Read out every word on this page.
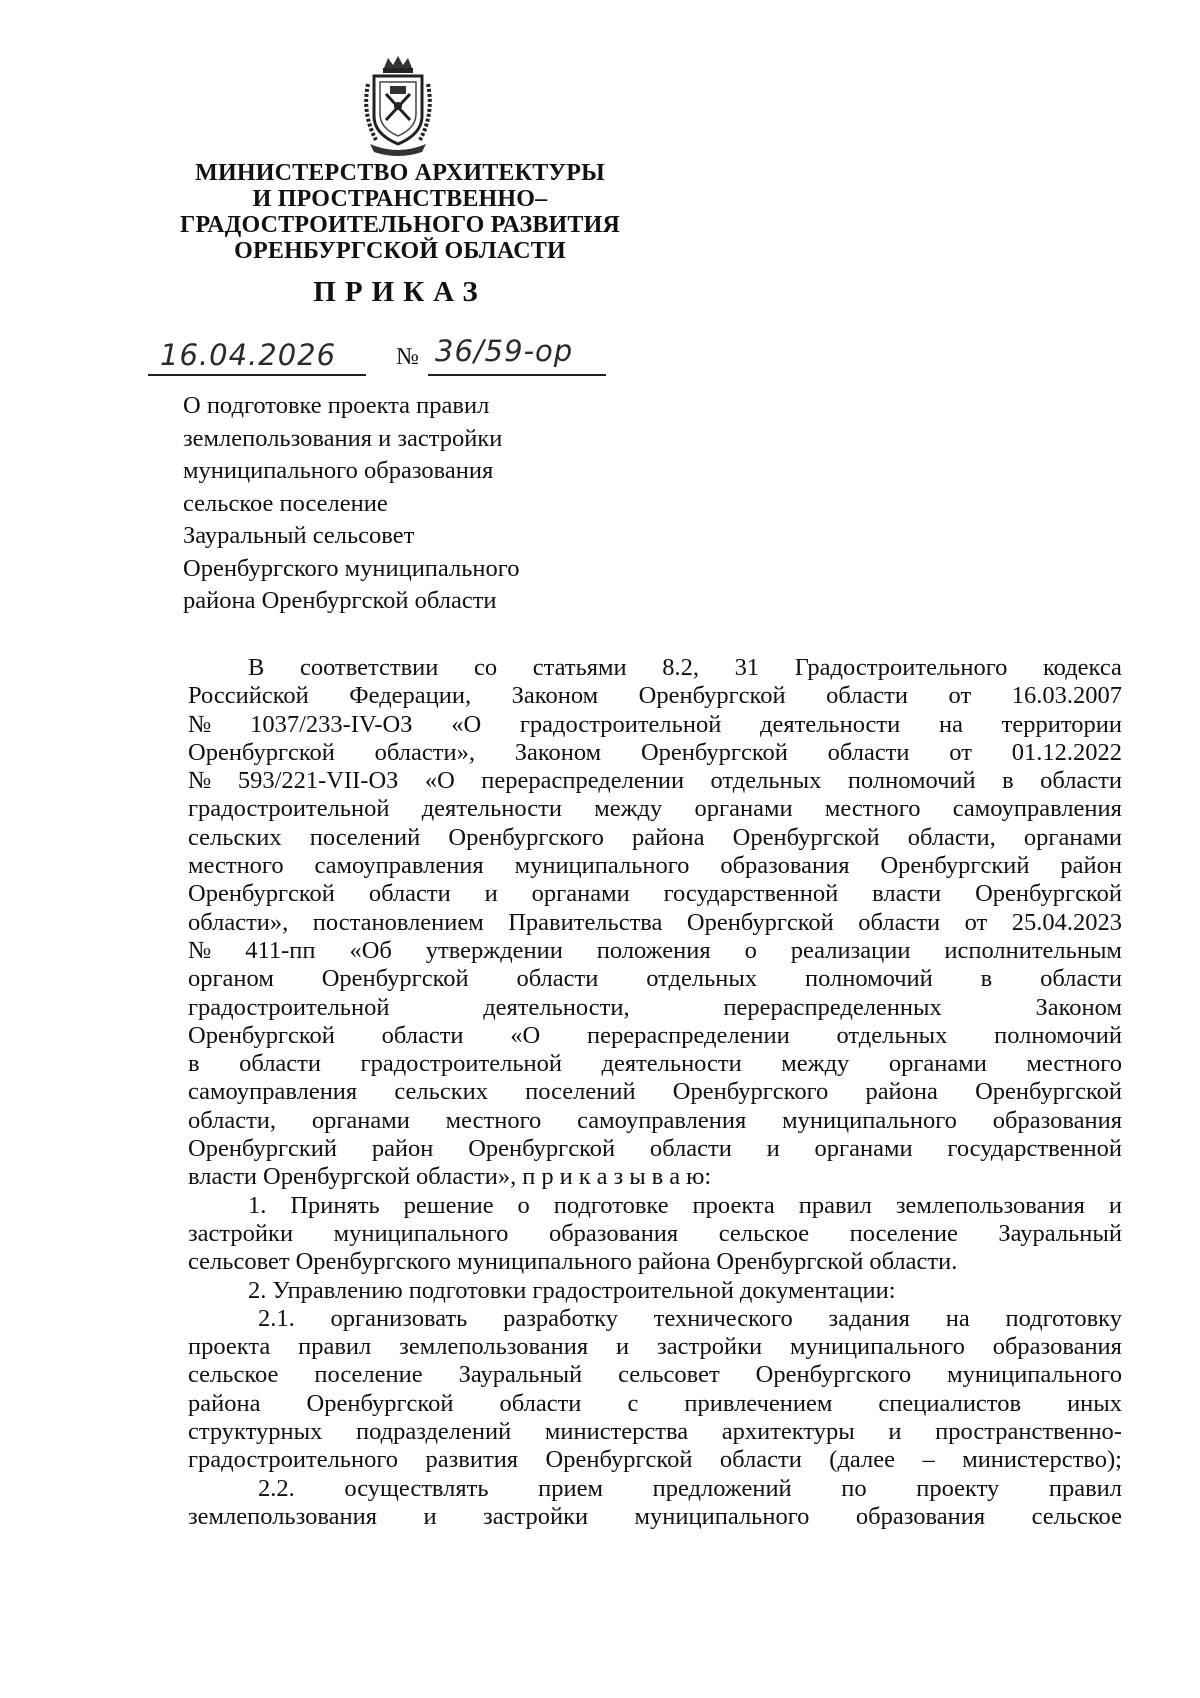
МИНИСТЕРСТВО АРХИТЕКТУРЫ
И ПРОСТРАНСТВЕННО–
ГРАДОСТРОИТЕЛЬНОГО РАЗВИТИЯ
ОРЕНБУРГСКОЙ ОБЛАСТИ
ПРИКАЗ
16.04.2026 № 36/59-ор
О подготовке проекта правил
землепользования и застройки
муниципального образования
сельское поселение
Зауральный сельсовет
Оренбургского муниципального
района Оренбургской области
В соответствии со статьями 8.2, 31 Градостроительного кодекса
Российской Федерации, Законом Оренбургской области от 16.03.2007
№ 1037/233-IV-ОЗ «О градостроительной деятельности на территории
Оренбургской области», Законом Оренбургской области от 01.12.2022
№ 593/221-VII-ОЗ «О перераспределении отдельных полномочий в области
градостроительной деятельности между органами местного самоуправления
сельских поселений Оренбургского района Оренбургской области, органами
местного самоуправления муниципального образования Оренбургский район
Оренбургской области и органами государственной власти Оренбургской
области», постановлением Правительства Оренбургской области от 25.04.2023
№ 411-пп «Об утверждении положения о реализации исполнительным
органом Оренбургской области отдельных полномочий в области
градостроительной	деятельности,	перераспределенных	Законом
Оренбургской области «О перераспределении отдельных полномочий
в области градостроительной деятельности между органами местного
самоуправления сельских поселений Оренбургского района Оренбургской
области, органами местного самоуправления муниципального образования
Оренбургский район Оренбургской области и органами государственной
власти Оренбургской области», п р и к а з ы в а ю:
1. Принять решение о подготовке проекта правил землепользования и
застройки муниципального образования сельское поселение Зауральный
сельсовет Оренбургского муниципального района Оренбургской области.
2. Управлению подготовки градостроительной документации:
2.1. организовать разработку технического задания на подготовку
проекта правил землепользования и застройки муниципального образования
сельское поселение Зауральный сельсовет Оренбургского муниципального
района Оренбургской области с привлечением специалистов иных
структурных подразделений министерства архитектуры и пространственно-
градостроительного развития Оренбургской области (далее – министерство);
2.2. осуществлять прием предложений по проекту правил
землепользования и застройки муниципального образования сельское
